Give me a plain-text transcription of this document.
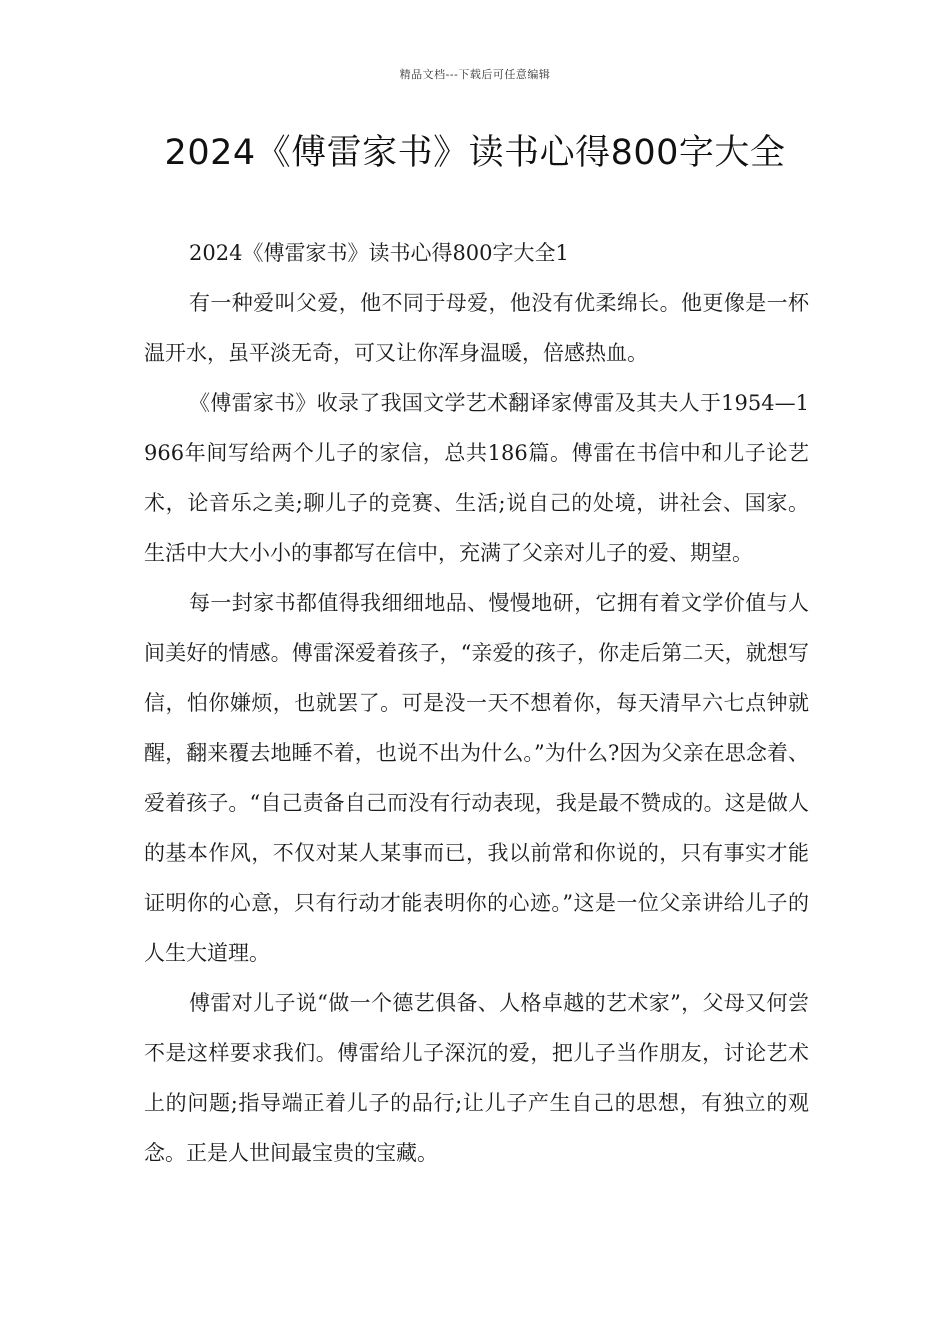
精品文档---下载后可任意编辑
2024《傅雷家书》读书心得800字大全

2024《傅雷家书》读书心得800字大全1

有一种爱叫父爱，他不同于母爱，他没有优柔绵长。他更像是一杯温开水，虽平淡无奇，可又让你浑身温暖，倍感热血。

《傅雷家书》收录了我国文学艺术翻译家傅雷及其夫人于1954—1966年间写给两个儿子的家信，总共186篇。傅雷在书信中和儿子论艺术，论音乐之美;聊儿子的竞赛、生活;说自己的处境，讲社会、国家。生活中大大小小的事都写在信中，充满了父亲对儿子的爱、期望。

每一封家书都值得我细细地品、慢慢地研，它拥有着文学价值与人间美好的情感。傅雷深爱着孩子，“亲爱的孩子，你走后第二天，就想写信，怕你嫌烦，也就罢了。可是没一天不想着你，每天清早六七点钟就醒，翻来覆去地睡不着，也说不出为什么。”为什么?因为父亲在思念着、爱着孩子。“自己责备自己而没有行动表现，我是最不赞成的。这是做人的基本作风，不仅对某人某事而已，我以前常和你说的，只有事实才能证明你的心意，只有行动才能表明你的心迹。”这是一位父亲讲给儿子的人生大道理。

傅雷对儿子说“做一个德艺俱备、人格卓越的艺术家”，父母又何尝不是这样要求我们。傅雷给儿子深沉的爱，把儿子当作朋友，讨论艺术上的问题;指导端正着儿子的品行;让儿子产生自己的思想，有独立的观念。正是人世间最宝贵的宝藏。
